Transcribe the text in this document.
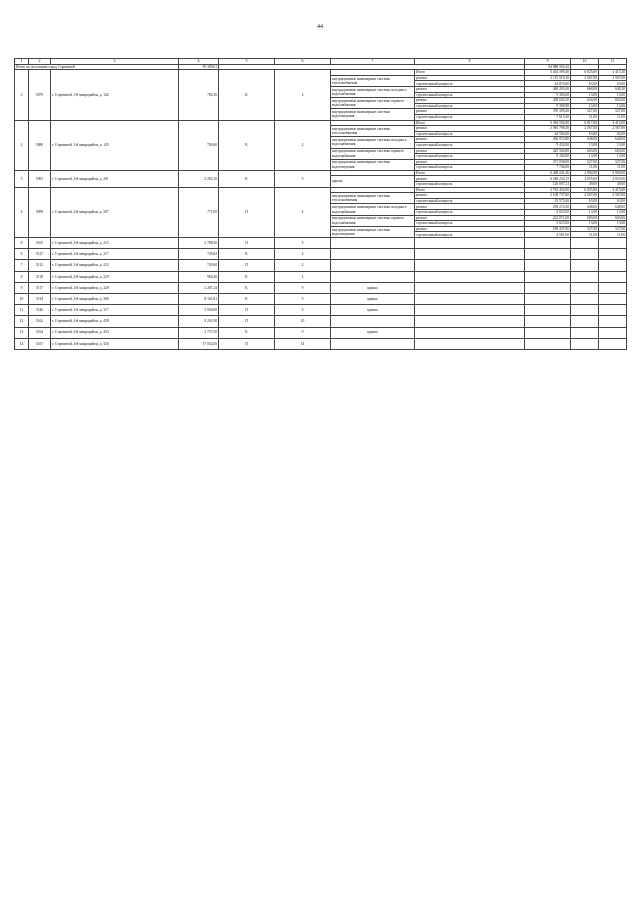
44
1	2	3	4	5	6	7	8	9	10	11
Итого по поселению город Стрежевой			95 309,61					94 880 565,45		
3	5079	г. Стрежевой, 1-й микрорайон, д. 142	782,30	К	2		Итого	5 454 399,40	6 825,00	4 415,30
						внутридомовые инженерные системы теплоснабжения	ремонт	2 115 519,10	2 567,00	2 567,00
							строительный контроль	44 874,00	63,00	63,00
						внутридомовые инженерные системы холодного водоснабжения	ремонт	469 203,40	668,00	648,30
							строительный контроль	9 384,60	13,00	13,00
						внутридомовые инженерные системы горячего водоснабжения	ремонт	428 692,50	624,00	602,00
							строительный контроль	9 390,90	13,00	13,00
						внутридомовые инженерные системы водоотведения	ремонт	370 390,20	527,00	527,00
							строительный контроль	7 615,50	11,00	11,00
2	5080	г. Стрежевой, 1-й микрорайон, д. 145	704,60	К	2		Итого	5 394 502,00	6 817,00	4 415,00
						внутридомовые инженерные системы теплоснабжения	ремонт	2 095 798,30	2 567,00	2 567,00
							строительный контроль	44 582,60	63,00	63,00
						внутридомовые инженерные системы холодного водоснабжения	ремонт	456 872,80	648,00	648,00
							строительный контроль	9 432,00	13,00	13,00
						внутридомовые инженерные системы горячего водоснабжения	ремонт	425 504,00	603,00	603,00
							строительный контроль	9 182,00	13,00	13,00
						внутридомовые инженерные системы водоотведения	ремонт	371 058,00	527,00	527,00
							строительный контроль	7 744,00	11,00	11,00
5	5091	г. Стрежевой, 2-й микрорайон, д. 201	2 294,10	К	9		Итого	6 468 241,36	2 904,00	2 904,00
						крыша	ремонт	6 348 234,15	2 855,00	2 855,00
							строительный контроль	120 007,21	49,00	49,00
4	5099	г. Стрежевой, 2-й микрорайон, д. 207	771,00	П	2		Итого	3 763 452,00	6 825,00	4 415,00
						внутридомовые инженерные системы теплоснабжения	ремонт	2 108 737,60	2 567,00	2 567,00
							строительный контроль	35 575,00	63,00	63,00
						внутридомовые инженерные системы холодного водоснабжения	ремонт	259 274,30	648,00	648,00
							строительный контроль	5 825,00	13,00	13,00
						внутридомовые инженерные системы горячего водоснабжения	ремонт	222 971,00	603,00	603,00
							строительный контроль	5 825,00	13,00	13,00
						внутридомовые инженерные системы водоотведения	ремонт	199 447,00	527,00	527,00
							строительный контроль	4 581,00	11,00	11,00
8	5105	г. Стрежевой, 2-й микрорайон, д. 215	2 788,50	П	5					
6	5127	г. Стрежевой, 2-й микрорайон, д. 217	745,02	К	2					
7	5112	г. Стрежевой, 2-й микрорайон, д. 223	745,60	П	2					
8	5118	г. Стрежевой, 2-й микрорайон, д. 229	960,40	К	2					
9	5117	г. Стрежевой, 2-й микрорайон, д. 228	2 207,24	К	9	крыша				
10	5134	г. Стрежевой, 2-й микрорайон, д. 306	8 161,81	К	9	крыша				
11	5146	г. Стрежевой, 3-й микрорайон, д. 317	5 930,00	П	5	крыша				
12	5162	г. Стрежевой, 4-й микрорайон, д. 438	9 201,90	П	10					
13	5164	г. Стрежевой, 4-й микрорайон, д. 433	2 737,50	К	9	крыша				
14	5167	г. Стрежевой, 4-й микрорайон, д. 436	17 034,50	П	14					
